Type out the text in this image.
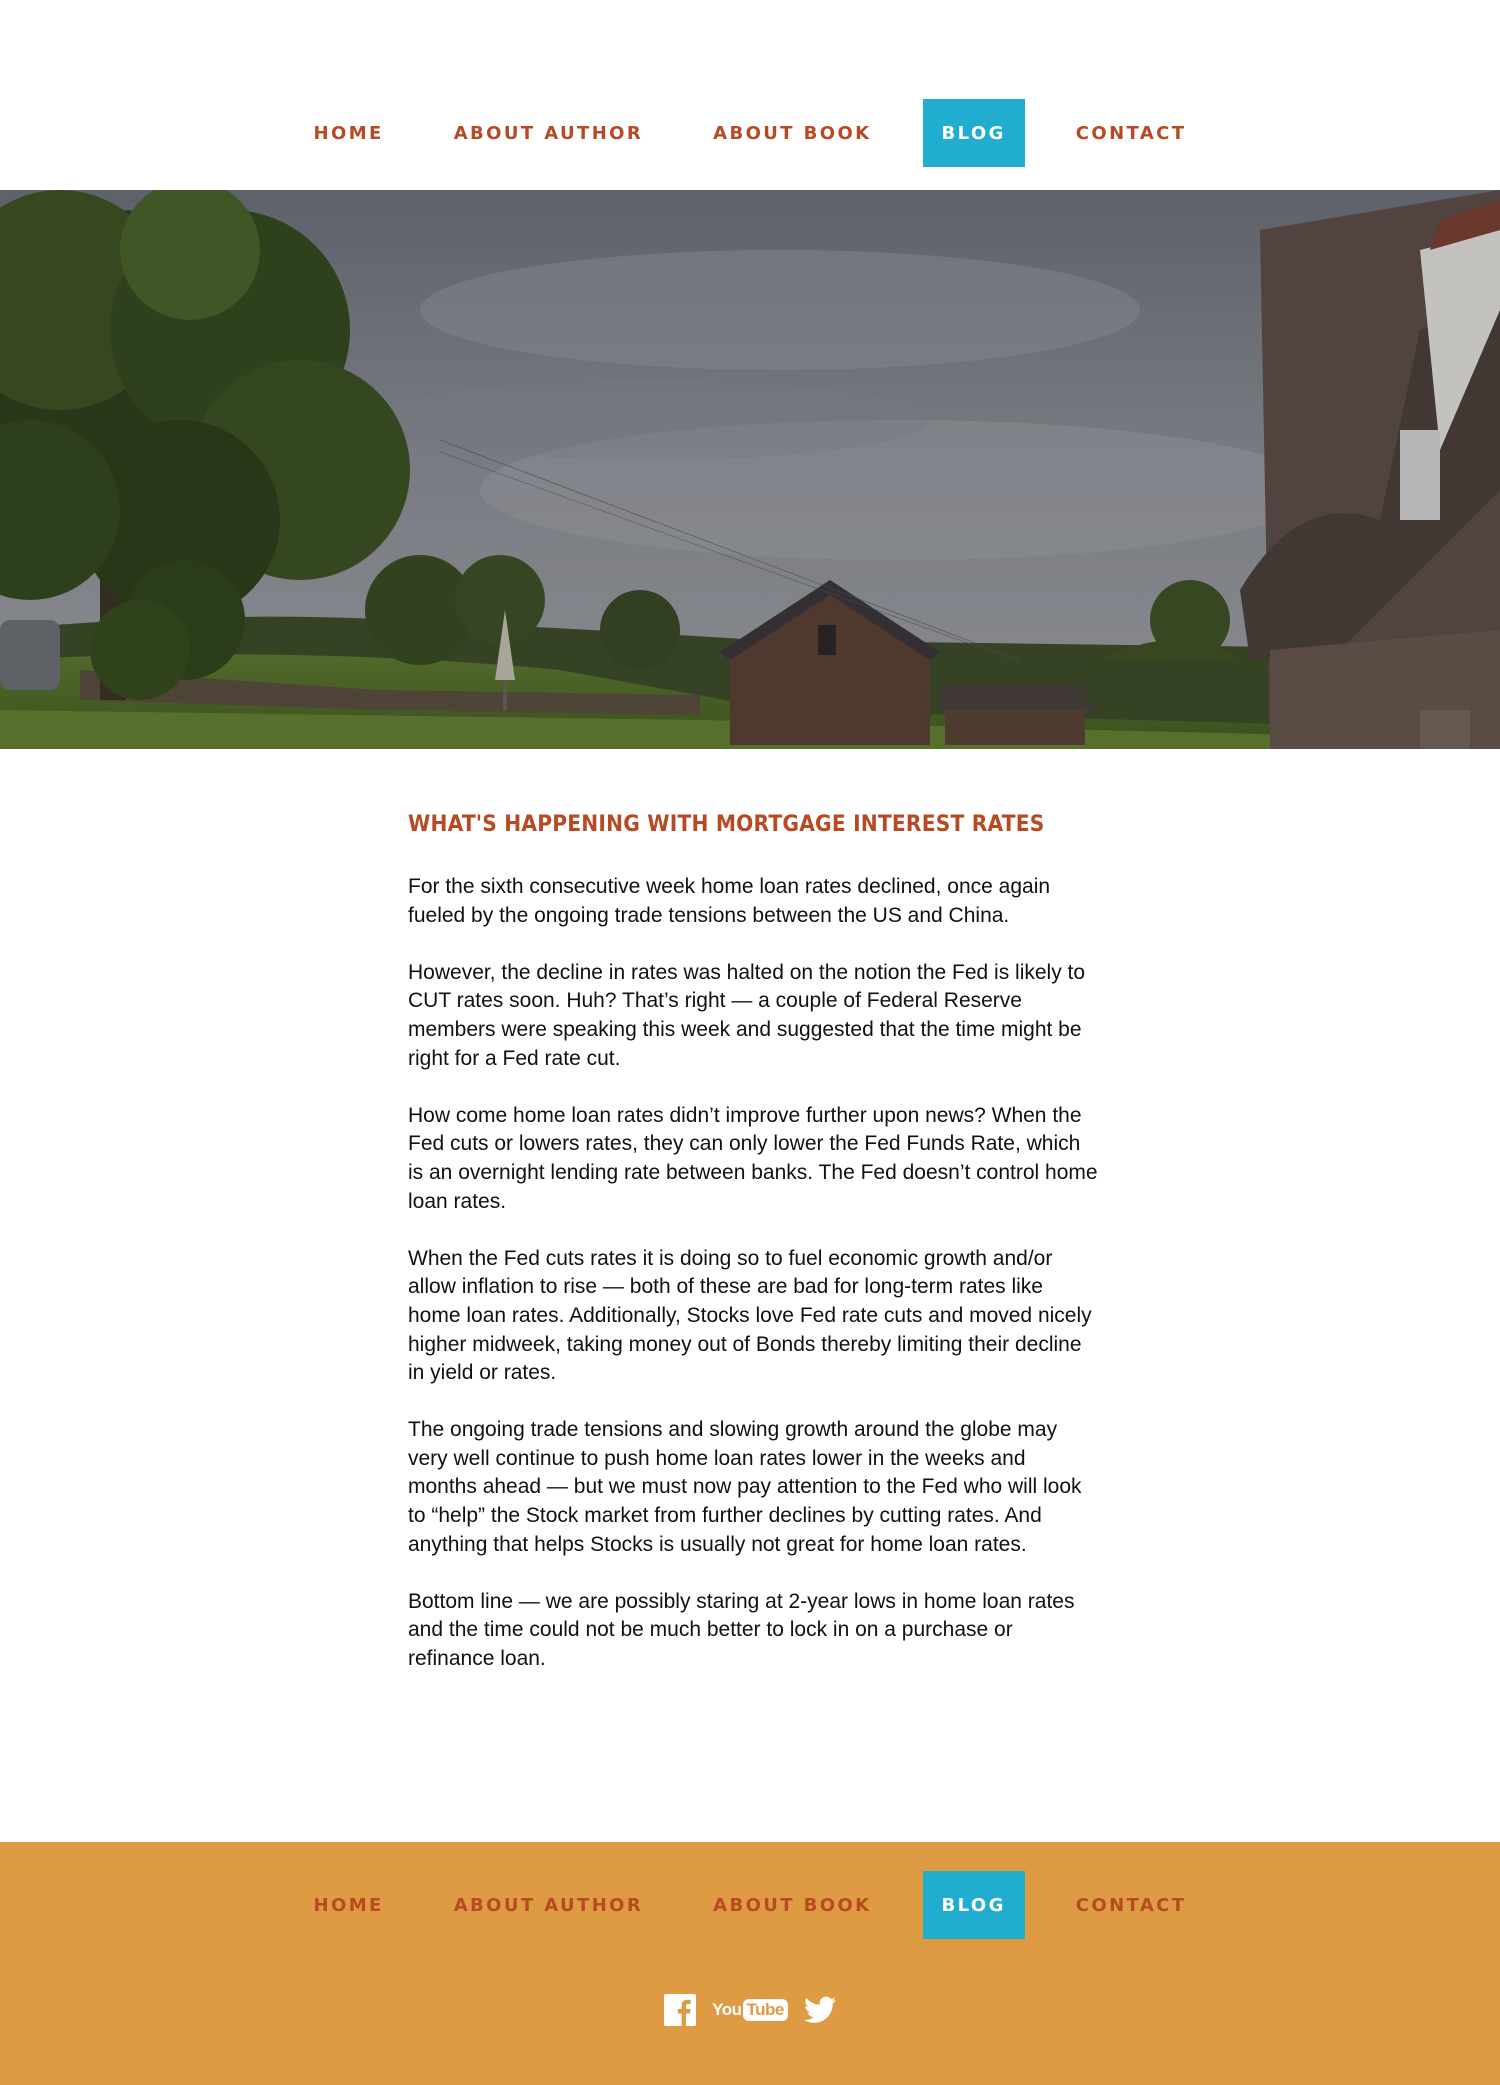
HOME	ABOUT AUTHOR	ABOUT BOOK	BLOG	CONTACT
WHAT'S HAPPENING WITH MORTGAGE INTEREST RATES

For the sixth consecutive week home loan rates declined, once again fueled by the ongoing trade tensions between the US and China.

However, the decline in rates was halted on the notion the Fed is likely to CUT rates soon. Huh? That’s right — a couple of Federal Reserve members were speaking this week and suggested that the time might be right for a Fed rate cut.

How come home loan rates didn’t improve further upon news? When the Fed cuts or lowers rates, they can only lower the Fed Funds Rate, which is an overnight lending rate between banks. The Fed doesn’t control home loan rates.

When the Fed cuts rates it is doing so to fuel economic growth and/or allow inflation to rise — both of these are bad for long-term rates like home loan rates. Additionally, Stocks love Fed rate cuts and moved nicely higher midweek, taking money out of Bonds thereby limiting their decline in yield or rates.

The ongoing trade tensions and slowing growth around the globe may very well continue to push home loan rates lower in the weeks and months ahead — but we must now pay attention to the Fed who will look to “help” the Stock market from further declines by cutting rates. And anything that helps Stocks is usually not great for home loan rates.

Bottom line — we are possibly staring at 2-year lows in home loan rates and the time could not be much better to lock in on a purchase or refinance loan.

HOME	ABOUT AUTHOR	ABOUT BOOK	BLOG	CONTACT
You Tube
